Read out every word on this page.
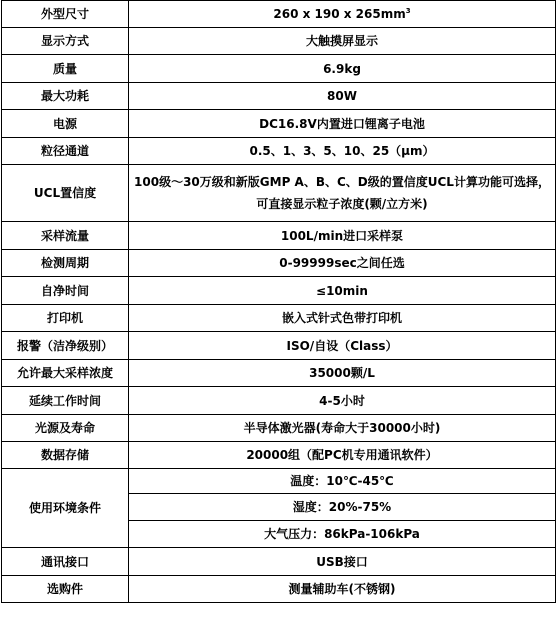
外型尺寸	260 x 190 x $265mm^3$
显示方式	大触摸屏显示
质量	6.9kg
最大功耗	80W
电源	DC16.8V内置进口锂离子电池
粒径通道	0.5、1、3、5、10、25（μm）
UCL置信度	100级～30万级和新版GMP A、B、C、D级的置信度UCL计算功能可选择，可直接显示粒子浓度(颗/立方米)
采样流量	100L/min进口采样泵
检测周期	0-99999sec之间任选
自净时间	≤10min
打印机	嵌入式针式色带打印机
报警（洁净级别）	ISO/自设（Class）
允许最大采样浓度	35000颗/L
延续工作时间	4-5小时
光源及寿命	半导体激光器(寿命大于30000小时)
数据存储	20000组（配PC机专用通讯软件）
使用环境条件	温度：10℃-45℃
	湿度：20%-75%
	大气压力：86kPa-106kPa
通讯接口	USB接口
选购件	测量辅助车(不锈钢)
